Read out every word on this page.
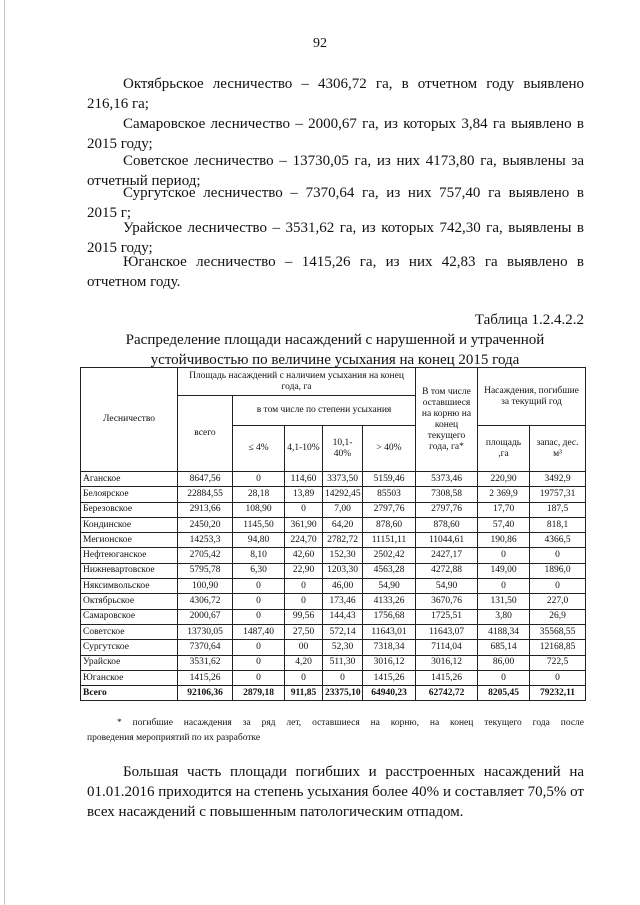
92

Октябрьское лесничество – 4306,72 га, в отчетном году выявлено
216,16 га;

Самаровское лесничество – 2000,67 га, из которых 3,84 га выявлено в
2015 году;

Советское лесничество – 13730,05 га, из них 4173,80 га, выявлены за
отчетный период;

Сургутское лесничество – 7370,64 га, из них 757,40 га выявлено в
2015 г;

Урайское лесничество – 3531,62 га, из которых 742,30 га, выявлены в
2015 году;

Юганское лесничество – 1415,26 га, из них 42,83 га выявлено в
отчетном году.

Таблица 1.2.4.2.2
Распределение площади насаждений с нарушенной и утраченной устойчивостью по величине усыхания на конец 2015 года
Лесничество	Площадь насаждений с наличием усыхания на конец года, га					В том числе оставшиеся на корню на конец текущего года, га*	Насаждения, погибшие за текущий год	
	всего	в том числе по степени усыхания						
		≤ 4%	4,1-10%	10,1-40%	> 40%		площадь ,га	запас, дес. м³
Аганское	8647,56	0	114,60	3373,50	5159,46	5373,46	220,90	3492,9
Белоярское	22884,55	28,18	13,89	14292,45	8550З	7308,58	2 369,9	19757,31
Березовское	2913,66	108,90	0	7,00	2797,76	2797,76	17,70	187,5
Кондинское	2450,20	1145,50	361,90	64,20	878,60	878,60	57,40	818,1
Мегионское	14253,3	94,80	224,70	2782,72	11151,11	11044,61	190,86	4366,5
Нефтеюганское	2705,42	8,10	42,60	152,30	2502,42	2427,17	0	0
Нижневартовское	5795,78	6,30	22,90	1203,30	4563,28	4272,88	149,00	1896,0
Няксимвольское	100,90	0	0	46,00	54,90	54,90	0	0
Октябрьское	4306,72	0	0	173,46	4133,26	3670,76	131,50	227,0
Самаровское	2000,67	0	99,56	144,43	1756,68	1725,51	3,80	26,9
Советское	13730,05	1487,40	27,50	572,14	11643,01	11643,07	4188,34	35568,55
Сургутское	7370,64	0	00	52,30	7318,34	7114,04	685,14	12168,85
Урайское	3531,62	0	4,20	511,30	3016,12	3016,12	86,00	722,5
Юганское	1415,26	0	0	0	1415,26	1415,26	0	0
Всего	92106,36	2879,18	911,85	23375,10	64940,23	62742,72	8205,45	79232,11
* погибшие насаждения за ряд лет, оставшиеся на корню, на конец текущего года после
проведения мероприятий по их разработке

Большая часть площади погибших и расстроенных насаждений на
01.01.2016 приходится на степень усыхания более 40% и составляет 70,5% от всех насаждений с повышенным патологическим отпадом.
